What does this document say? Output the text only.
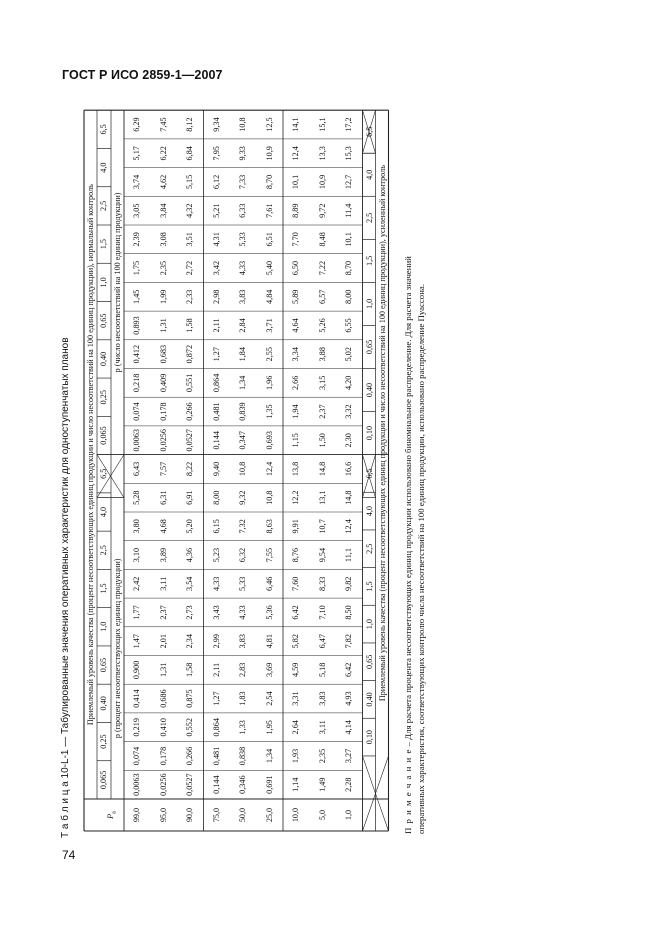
ГОСТ Р ИСО 2859-1—2007
74
Т а б л и ц а 10-L-1 — Табулированные значения оперативных характеристик для одноступенчатых планов Приемлемый уровень качества (процент несоответствующих единиц продукции и число несоответствий на 100 единиц продукции), нормальный контроль
$P_a$
0,065
0,065
0,25
0,25
0,40
0,40
0,65
0,65
1,0
1,0
1,5
1,5
2,5
2,5
4,0
4,0
6,5
6,5
p (процент несоответствующих единиц продукции)
p (число несоответствий на 100 единиц продукции)
99,0
0,0063
0,074
0,219
0,414
0,900
1,47
1,77
2,42
3,10
3,80
5,28
6,43
0,0063
0,074
0,218
0,412
0,893
1,45
1,75
2,39
3,05
3,74
5,17
6,29
95,0
0,0256
0,178
0,410
0,686
1,31
2,01
2,37
3,11
3,89
4,68
6,31
7,57
0,0256
0,178
0,409
0,683
1,31
1,99
2,35
3,08
3,84
4,62
6,22
7,45
90,0
0,0527
0,266
0,552
0,875
1,58
2,34
2,73
3,54
4,36
5,20
6,91
8,22
0,0527
0,266
0,551
0,872
1,58
2,33
2,72
3,51
4,32
5,15
6,84
8,12
75,0
0,144
0,481
0,864
1,27
2,11
2,99
3,43
4,33
5,23
6,15
8,00
9,40
0,144
0,481
0,864
1,27
2,11
2,98
3,42
4,31
5,21
6,12
7,95
9,34
50,0
0,346
0,838
1,33
1,83
2,83
3,83
4,33
5,33
6,32
7,32
9,32
10,8
0,347
0,839
1,34
1,84
2,84
3,83
4,33
5,33
6,33
7,33
9,33
10,8
25,0
0,691
1,34
1,95
2,54
3,69
4,81
5,36
6,46
7,55
8,63
10,8
12,4
0,693
1,35
1,96
2,55
3,71
4,84
5,40
6,51
7,61
8,70
10,9
12,5
10,0
1,14
1,93
2,64
3,31
4,59
5,82
6,42
7,60
8,76
9,91
12,2
13,8
1,15
1,94
2,66
3,34
4,64
5,89
6,50
7,70
8,89
10,1
12,4
14,1
5,0
1,49
2,35
3,11
3,83
5,18
6,47
7,10
8,33
9,54
10,7
13,1
14,8
1,50
2,37
3,15
3,88
5,26
6,57
7,22
8,48
9,72
10,9
13,3
15,1
1,0
2,28
3,27
4,14
4,93
6,42
7,82
8,50
9,82
11,1
12,4
14,8
16,6
2,30
3,32
4,20
5,02
6,55
8,00
8,70
10,1
11,4
12,7
15,3
17,2
0,10
0,10
0,40
0,40
0,65
0,65
1,0
1,0
1,5
1,5
2,5
2,5
4,0
4,0
6,5
6,5
Приемлемый уровень качества (процент несоответствующих единиц продукции и число несоответствий на 100 единиц продукции), усиленный контроль
П р и м е ч а н и е – Для расчета процента несоответствующих единиц продукции использовано биномиальное распределение. Для расчета значений оперативных характеристик, соответствующих контролю числа несоответствий на 100 единиц продукции, использовано распределение Пуассона.
